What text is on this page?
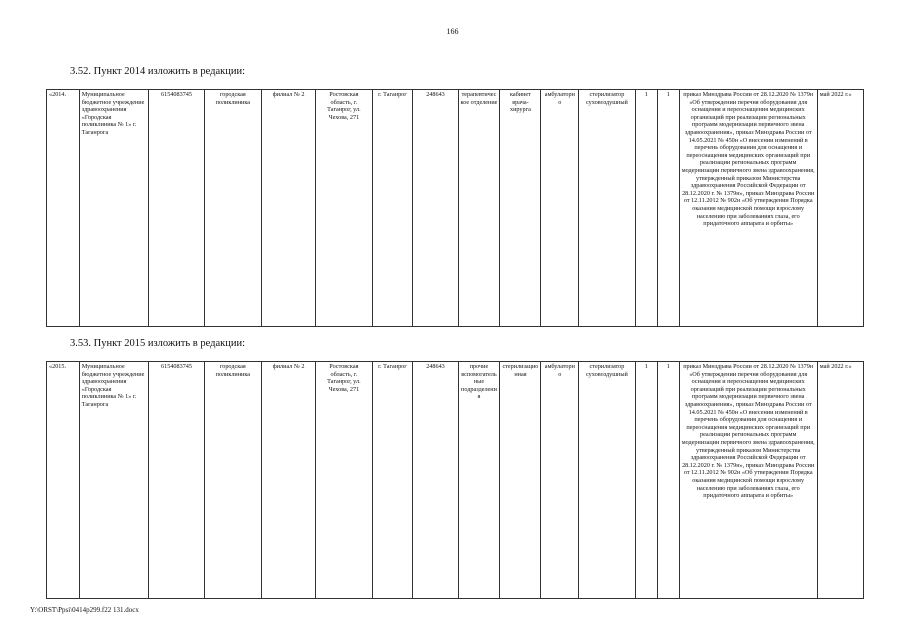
166
3.52. Пункт 2014 изложить в редакции:
«2014.	Муниципальное бюджетное учреждение здравоохранения «Городская поликлиника № 1» г. Таганрога	6154083745	городская поликлиника	филиал № 2	Ростовская область, г. Таганрог, ул. Чехова, 271	г. Таганрог	248643	терапевтическое отделение	кабинет врача-хирурга	амбулаторно	стерилизатор суховоздушный	1	1	приказ Минздрава России от 28.12.2020 № 1379н «Об утверждении перечня оборудования для оснащения и переоснащения медицинских организаций при реализации региональных программ модернизации первичного звена здравоохранения», приказ Минздрава России от 14.05.2021 № 450н «О внесении изменений в перечень оборудования для оснащения и переоснащения медицинских организаций при реализации региональных программ модернизации первичного звена здравоохранения, утвержденный приказом Министерства здравоохранения Российской Федерации от 28.12.2020 г. № 1379н», приказ Минздрава России от 12.11.2012 № 902н «Об утверждении Порядка оказания медицинской помощи взрослому населению при заболеваниях глаза, его придаточного аппарата и орбиты»	май 2022 г.»
3.53. Пункт 2015 изложить в редакции:
«2015.	Муниципальное бюджетное учреждение здравоохранения «Городская поликлиника № 1» г. Таганрога	6154083745	городская поликлиника	филиал № 2	Ростовская область, г. Таганрог, ул. Чехова, 271	г. Таганрог	248643	прочие вспомогательные подразделения	стерилизационная	амбулаторно	стерилизатор суховоздушный	1	1	приказ Минздрава России от 28.12.2020 № 1379н «Об утверждении перечня оборудования для оснащения и переоснащения медицинских организаций при реализации региональных программ модернизации первичного звена здравоохранения», приказ Минздрава России от 14.05.2021 № 450н «О внесении изменений в перечень оборудования для оснащения и переоснащения медицинских организаций при реализации региональных программ модернизации первичного звена здравоохранения, утвержденный приказом Министерства здравоохранения Российской Федерации от 28.12.2020 г. № 1379н», приказ Минздрава России от 12.11.2012 № 902н «Об утверждении Порядка оказания медицинской помощи взрослому населению при заболеваниях глаза, его придаточного аппарата и орбиты»	май 2022 г.»
Y:\ORST\Ppsi\0414p299.f22 131.docx
